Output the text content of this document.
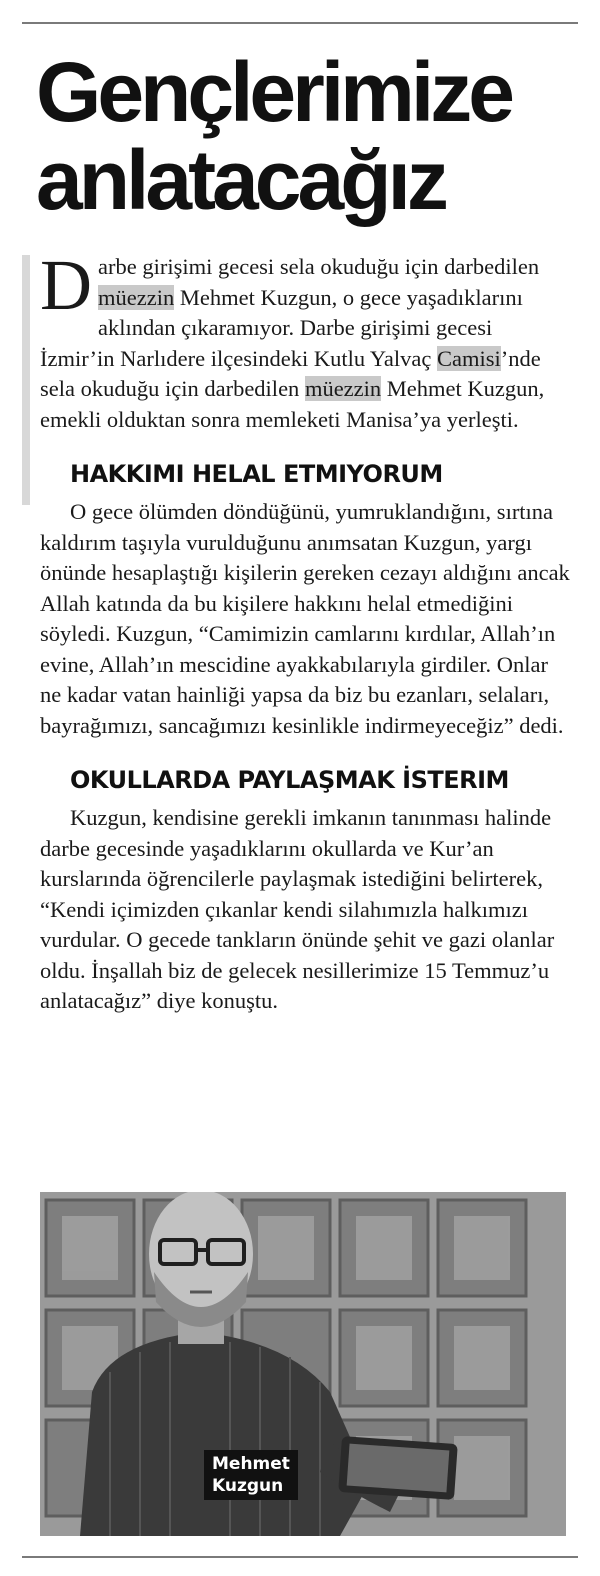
Gençlerimize
anlatacağız

Darbe girişimi gecesi sela okuduğu için darbedilen müezzin Mehmet Kuzgun, o gece yaşadıklarını aklından çıkaramıyor. Darbe girişimi gecesi İzmir’in Narlıdere ilçesindeki Kutlu Yalvaç Camisi’nde sela okuduğu için darbedilen müezzin Mehmet Kuzgun, emekli olduktan sonra memleketi Manisa’ya yerleşti.

HAKKIMI HELAL ETMIYORUM

O gece ölümden döndüğünü, yumruklandığını, sırtına kaldırım taşıyla vurulduğunu anımsatan Kuzgun, yargı önünde hesaplaştığı kişilerin gereken cezayı aldığını ancak Allah katında da bu kişilere hakkını helal etmediğini söyledi. Kuzgun, “Camimizin camlarını kırdılar, Allah’ın evine, Allah’ın mescidine ayakkabılarıyla girdiler. Onlar ne kadar vatan hainliği yapsa da biz bu ezanları, selaları, bayrağımızı, sancağımızı kesinlikle indirmeyeceğiz” dedi.

OKULLARDA PAYLAŞMAK İSTERIM

Kuzgun, kendisine gerekli imkanın tanınması halinde darbe gecesinde yaşadıklarını okullarda ve Kur’an kurslarında öğrencilerle paylaşmak istediğini belirterek, “Kendi içimizden çıkanlar kendi silahımızla halkımızı vurdular. O gecede tankların önünde şehit ve gazi olanlar oldu. İnşallah biz de gelecek nesillerimize 15 Temmuz’u anlatacağız” diye konuştu.

Mehmet
Kuzgun
